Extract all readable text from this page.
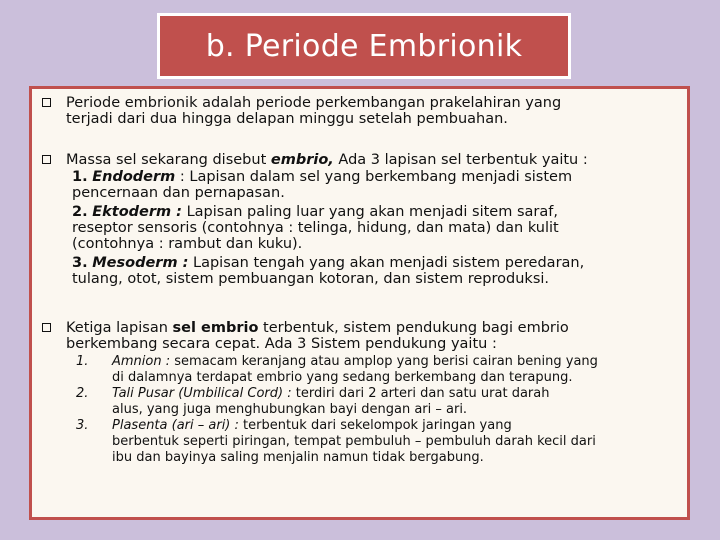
b. Periode Embrionik
Periode embrionik adalah periode perkembangan prakelahiran yang
terjadi dari dua hingga delapan minggu setelah pembuahan.
Massa sel sekarang disebut embrio, Ada 3 lapisan sel terbentuk yaitu :
1. Endoderm : Lapisan dalam sel yang berkembang menjadi sistem
pencernaan dan pernapasan.
2. Ektoderm : Lapisan paling luar yang akan menjadi sitem saraf,
reseptor sensoris (contohnya : telinga, hidung, dan mata) dan kulit
(contohnya : rambut dan kuku).
3. Mesoderm : Lapisan tengah yang akan menjadi sistem peredaran,
tulang, otot, sistem pembuangan kotoran, dan sistem reproduksi.
Ketiga lapisan sel embrio terbentuk, sistem pendukung bagi embrio
berkembang secara cepat. Ada 3 Sistem pendukung yaitu :
1. Amnion : semacam keranjang atau amplop yang berisi cairan bening yang
di dalamnya terdapat embrio yang sedang berkembang dan terapung.
2. Tali Pusar (Umbilical Cord) : terdiri dari 2 arteri dan satu urat darah
alus, yang juga menghubungkan bayi dengan ari – ari.
3. Plasenta (ari – ari) : terbentuk dari sekelompok jaringan yang
berbentuk seperti piringan, tempat pembuluh – pembuluh darah kecil dari
ibu dan bayinya saling menjalin namun tidak bergabung.
